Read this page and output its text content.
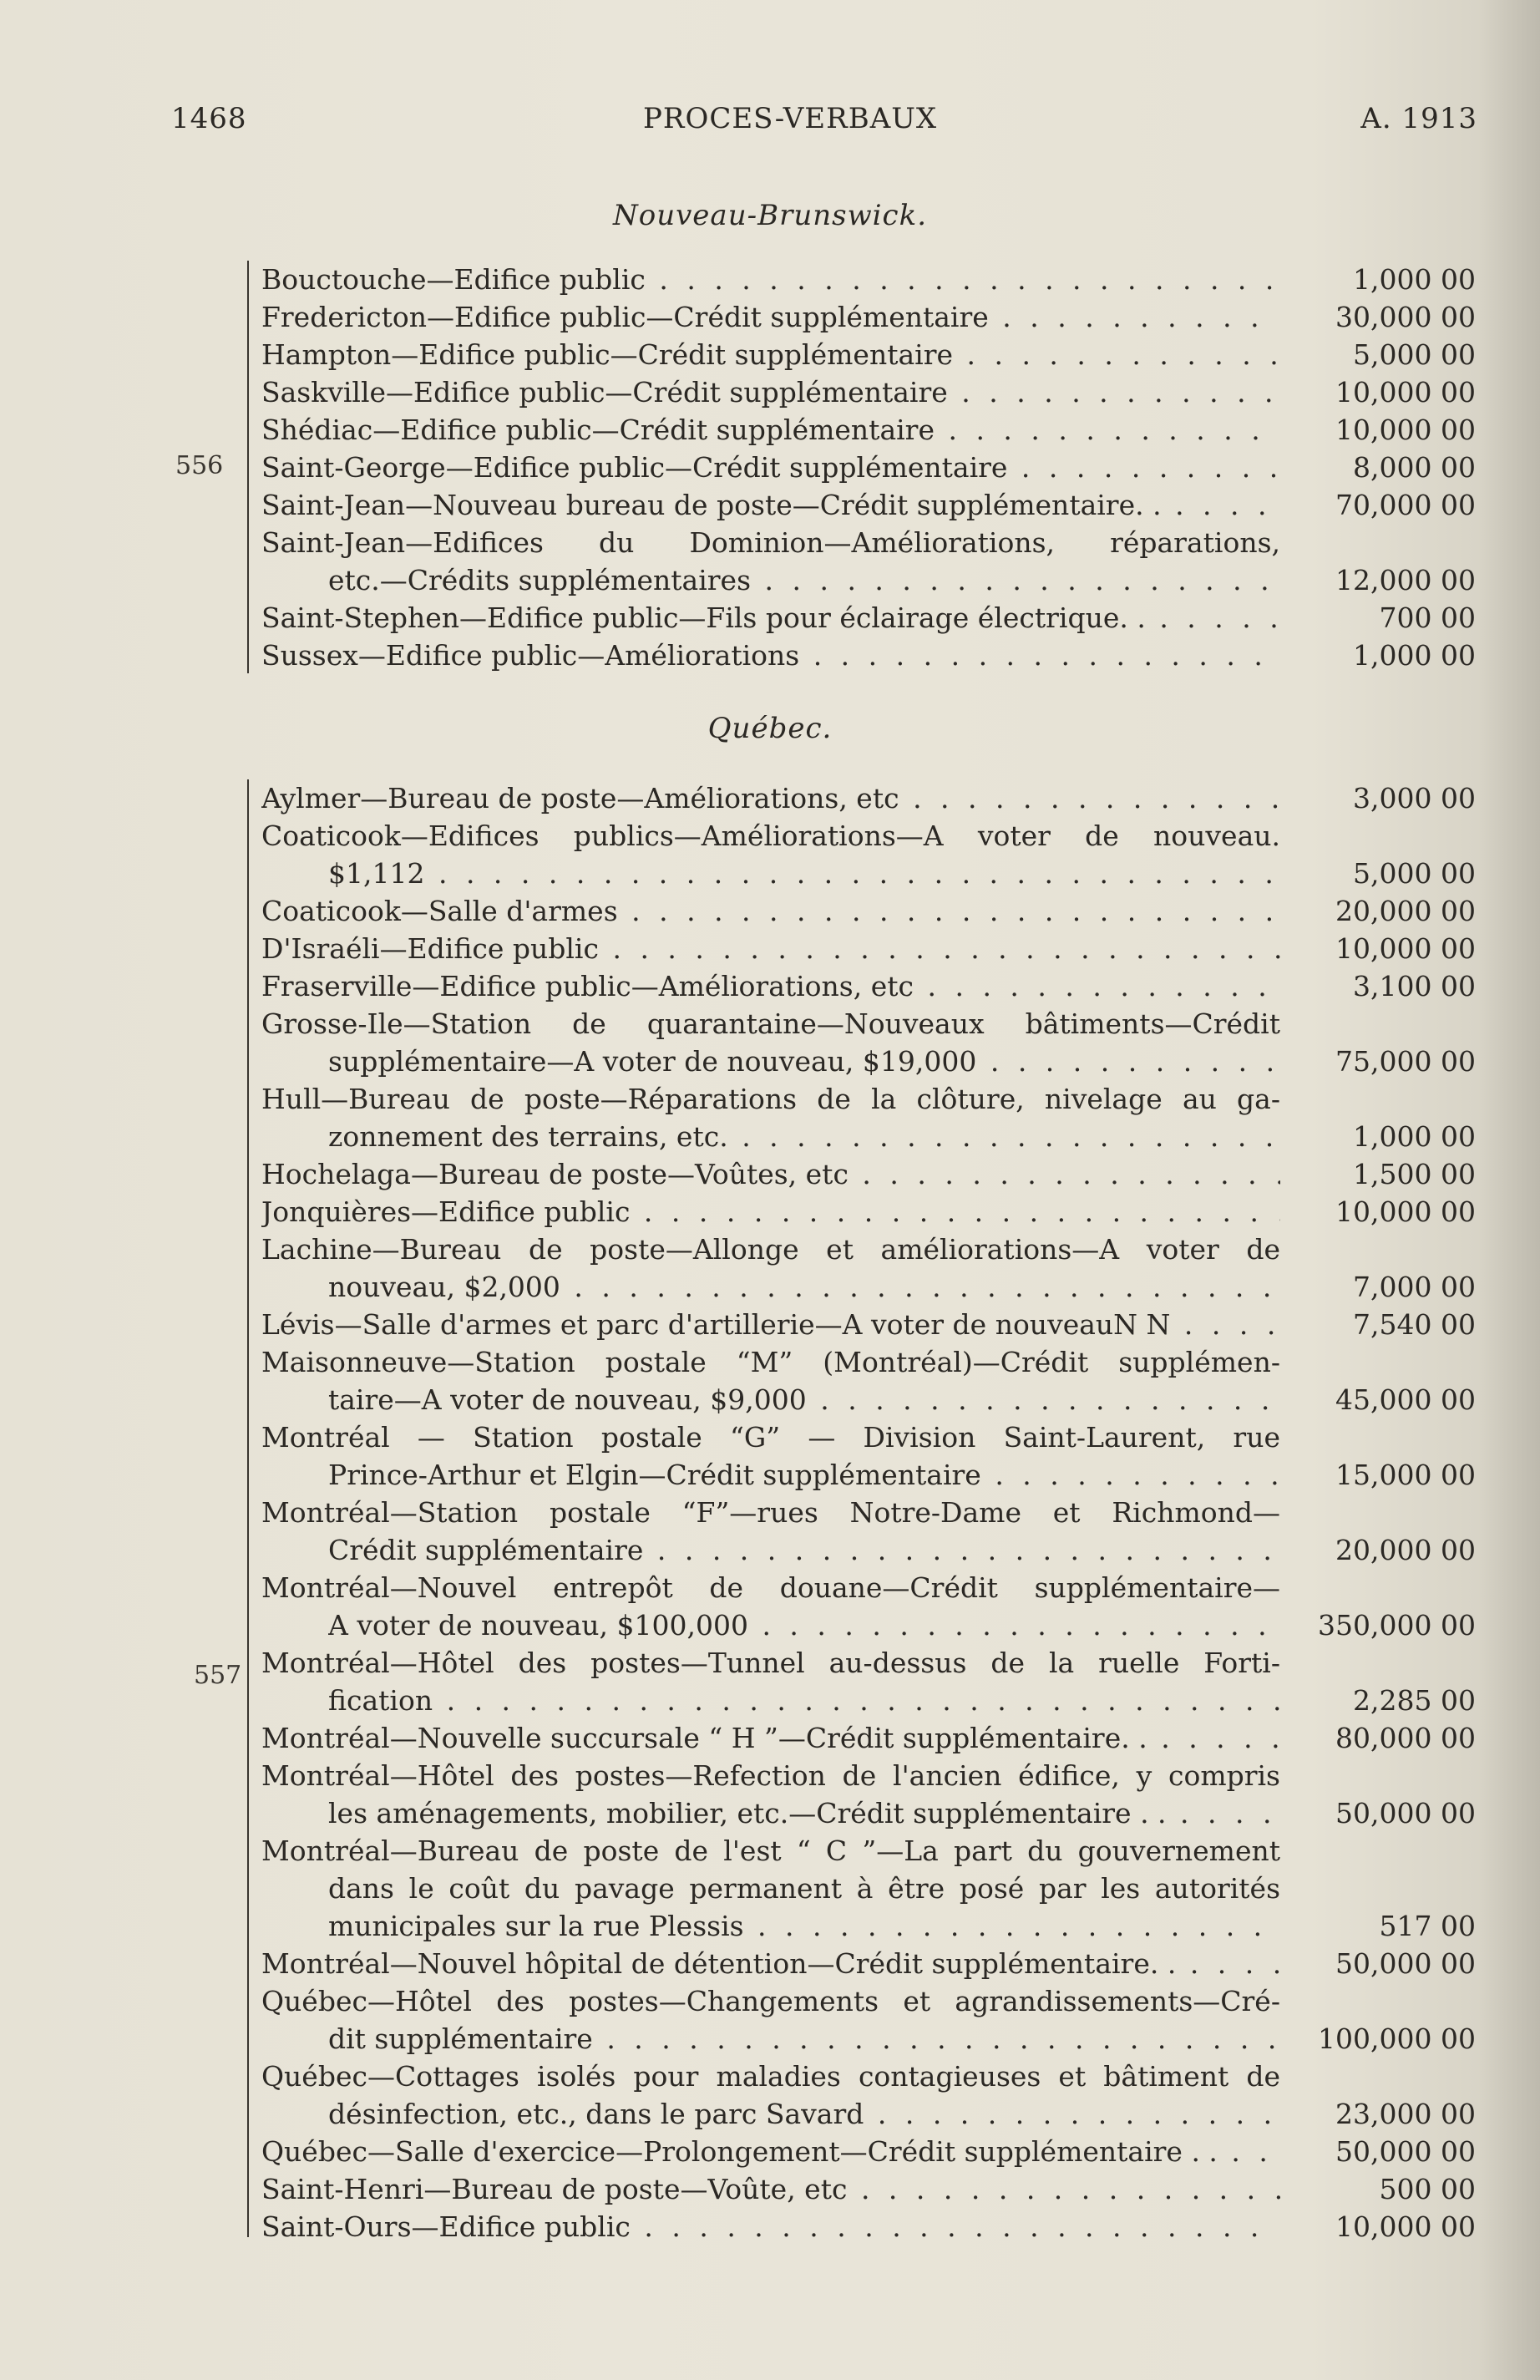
1468	PROCES-VERBAUX	A. 1913
Nouveau-Brunswick.
556
Bouctouche—Edifice public . . .	1,000 00
Fredericton—Edifice public—Crédit supplémentaire . . .	30,000 00
Hampton—Edifice public—Crédit supplémentaire . . .	5,000 00
Saskville—Edifice public—Crédit supplémentaire . . .	10,000 00
Shédiac—Edifice public—Crédit supplémentaire . . .	10,000 00
Saint-George—Edifice public—Crédit supplémentaire . . .	8,000 00
Saint-Jean—Nouveau bureau de poste—Crédit supplémentaire. . . . .	70,000 00
Saint-Jean—Edifices du Dominion—Améliorations, réparations,
etc.—Crédits supplémentaires . . .	12,000 00
Saint-Stephen—Edifice public—Fils pour éclairage électrique. . . . .	700 00
Sussex—Edifice public—Améliorations . . .	1,000 00
Québec.
557
Aylmer—Bureau de poste—Améliorations, etc . . .	3,000 00
Coaticook—Edifices publics—Améliorations—A voter de nouveau.
$1,112 . . .	5,000 00
Coaticook—Salle d'armes . . .	20,000 00
D'Israéli—Edifice public . . .	10,000 00
Fraserville—Edifice public—Améliorations, etc . . .	3,100 00
Grosse-Ile—Station de quarantaine—Nouveaux bâtiments—Crédit
supplémentaire—A voter de nouveau, $19,000 . . .	75,000 00
Hull—Bureau de poste—Réparations de la clôture, nivelage au ga-
zonnement des terrains, etc. . . .	1,000 00
Hochelaga—Bureau de poste—Voûtes, etc . . .	1,500 00
Jonquières—Edifice public . . .	10,000 00
Lachine—Bureau de poste—Allonge et améliorations—A voter de
nouveau, $2,000 . . .	7,000 00
Lévis—Salle d'armes et parc d'artillerie—A voter de nouveauN N . . .	7,540 00
Maisonneuve—Station postale “M” (Montréal)—Crédit supplémen-
taire—A voter de nouveau, $9,000 . . .	45,000 00
Montréal — Station postale “G” — Division Saint-Laurent, rue
Prince-Arthur et Elgin—Crédit supplémentaire . . .	15,000 00
Montréal—Station postale “F”—rues Notre-Dame et Richmond—
Crédit supplémentaire . . .	20,000 00
Montréal—Nouvel entrepôt de douane—Crédit supplémentaire—
A voter de nouveau, $100,000 . . .	350,000 00
Montréal—Hôtel des postes—Tunnel au-dessus de la ruelle Forti-
fication . . .	2,285 00
Montréal—Nouvelle succursale “ H ”—Crédit supplémentaire. . . . .	80,000 00
Montréal—Hôtel des postes—Refection de l'ancien édifice, y compris
les aménagements, mobilier, etc.—Crédit supplémentaire . . . . .	50,000 00
Montréal—Bureau de poste de l'est “ C ”—La part du gouvernement
dans le coût du pavage permanent à être posé par les autorités
municipales sur la rue Plessis . . .	517 00
Montréal—Nouvel hôpital de détention—Crédit supplémentaire. . . . .	50,000 00
Québec—Hôtel des postes—Changements et agrandissements—Cré-
dit supplémentaire . . .	100,000 00
Québec—Cottages isolés pour maladies contagieuses et bâtiment de
désinfection, etc., dans le parc Savard . . .	23,000 00
Québec—Salle d'exercice—Prolongement—Crédit supplémentaire . . . . .	50,000 00
Saint-Henri—Bureau de poste—Voûte, etc . . .	500 00
Saint-Ours—Edifice public . . .	10,000 00
